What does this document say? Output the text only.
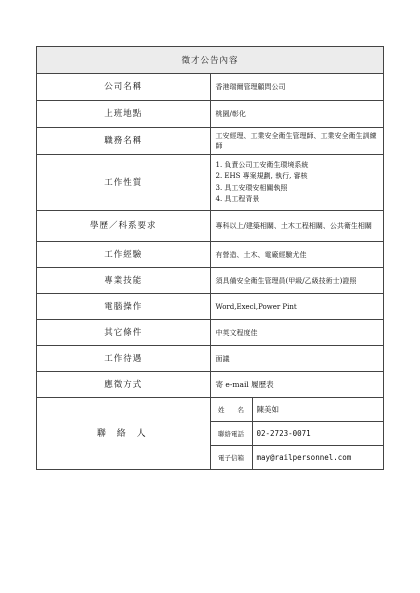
徵才公告內容
公司名稱	香港瑞爾管理顧問公司
上班地點	桃園/彰化
職務名稱	工安經理、工業安全衛生管理師、工業安全衛生訓練師
工作性質	
1. 負責公司工安衛生環境系統
2. EHS 專案規劃, 執行, 審核
3. 具工安環安相關執照
4. 具工程背景

學歷／科系要求	專科以上/建築相關、土木工程相關、公共衛生相關
工作經驗	有營造、土木、電廠經驗尤佳
專業技能	須具備安全衛生管理員(甲級/乙級技術士)證照
電腦操作	Word,Execl,Power Pint
其它條件	中英文程度佳
工作待遇	面議
應徵方式	寄 e-mail 履歷表
聯 絡 人	
姓　　名	陳美如
聯絡電話	02-2723-0071
電子信箱	may@railpersonnel.com
